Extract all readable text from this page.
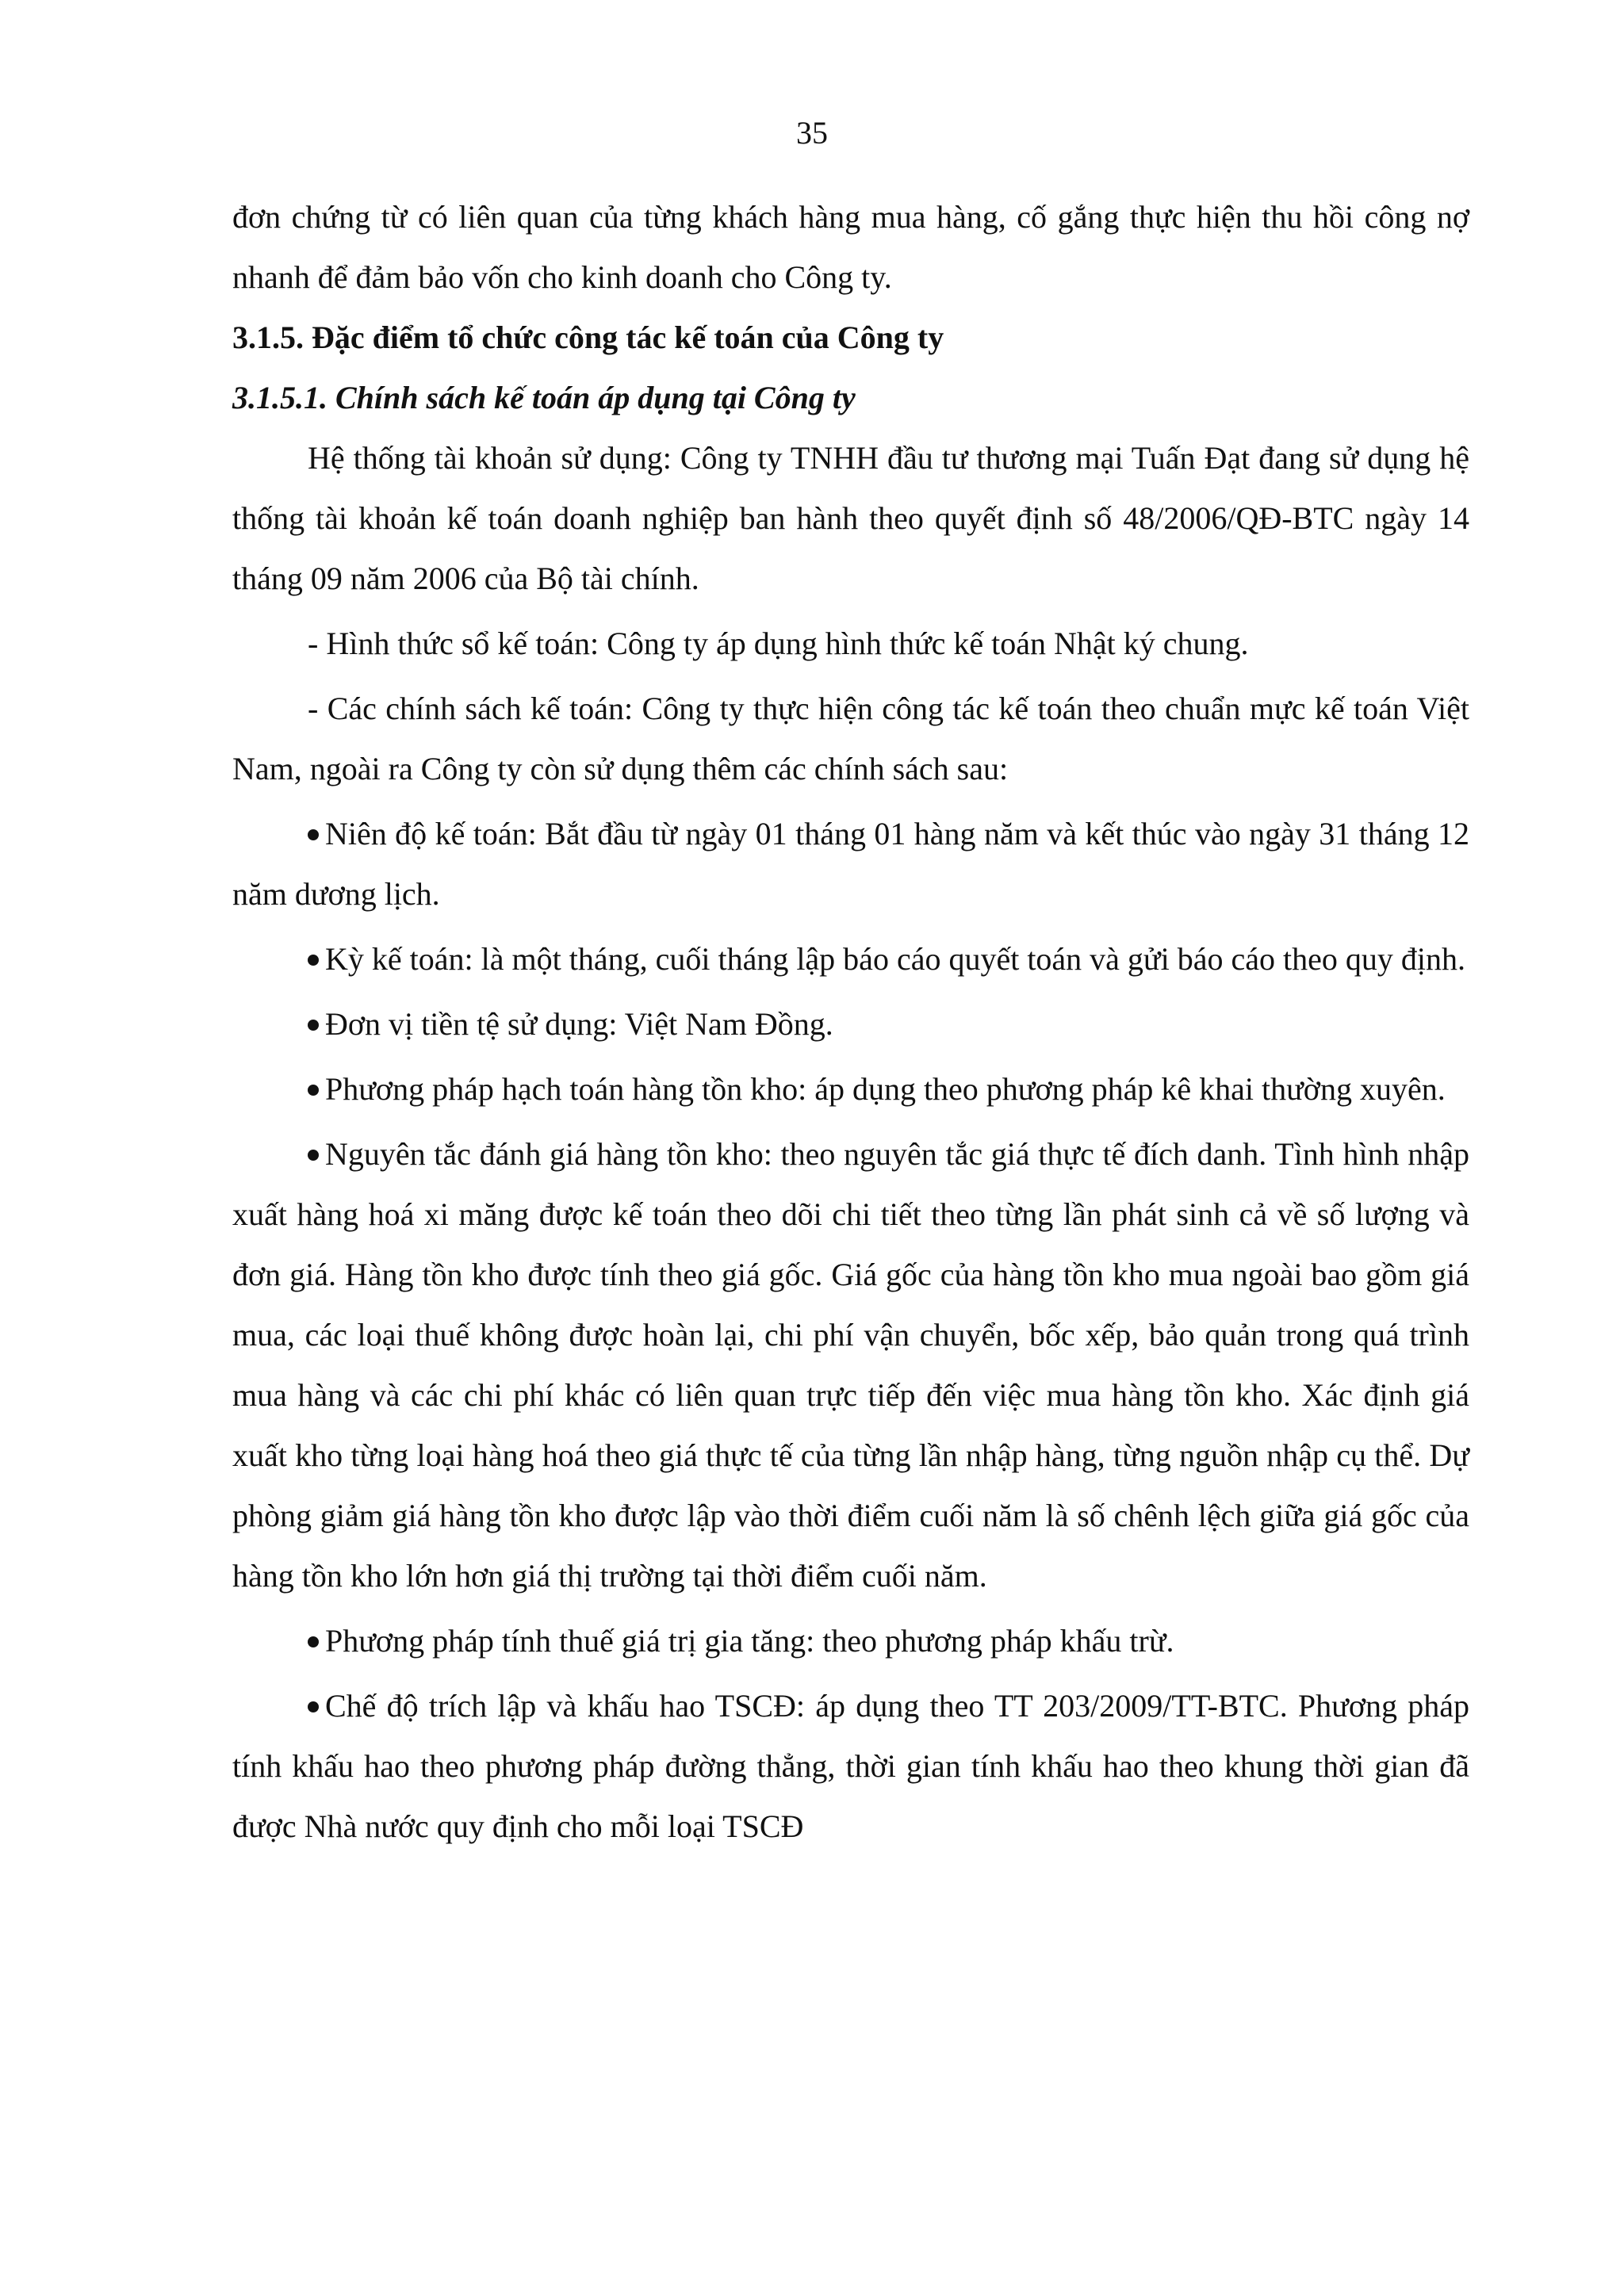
35

đơn chứng từ có liên quan của từng khách hàng mua hàng, cố gắng thực hiện thu hồi công nợ nhanh để đảm bảo vốn cho kinh doanh cho Công ty.

3.1.5. Đặc điểm tổ chức công tác kế toán của Công ty

3.1.5.1. Chính sách kế toán áp dụng tại Công ty

Hệ thống tài khoản sử dụng: Công ty TNHH đầu tư thương mại Tuấn Đạt đang sử dụng hệ thống tài khoản kế toán doanh nghiệp ban hành theo quyết định số 48/2006/QĐ-BTC ngày 14 tháng 09 năm 2006 của Bộ tài chính.

- Hình thức sổ kế toán: Công ty áp dụng hình thức kế toán Nhật ký chung.

- Các chính sách kế toán: Công ty thực hiện công tác kế toán theo chuẩn mực kế toán Việt Nam, ngoài ra Công ty còn sử dụng thêm các chính sách sau:

Niên độ kế toán: Bắt đầu từ ngày 01 tháng 01 hàng năm và kết thúc vào ngày 31 tháng 12 năm dương lịch.

Kỳ kế toán: là một tháng, cuối tháng lập báo cáo quyết toán và gửi báo cáo theo quy định.

Đơn vị tiền tệ sử dụng: Việt Nam Đồng.

Phương pháp hạch toán hàng tồn kho: áp dụng theo phương pháp kê khai thường xuyên.

Nguyên tắc đánh giá hàng tồn kho: theo nguyên tắc giá thực tế đích danh. Tình hình nhập xuất hàng hoá xi măng được kế toán theo dõi chi tiết theo từng lần phát sinh cả về số lượng và đơn giá. Hàng tồn kho được tính theo giá gốc. Giá gốc của hàng tồn kho mua ngoài bao gồm giá mua, các loại thuế không được hoàn lại, chi phí vận chuyển, bốc xếp, bảo quản trong quá trình mua hàng và các chi phí khác có liên quan trực tiếp đến việc mua hàng tồn kho. Xác định giá xuất kho từng loại hàng hoá theo giá thực tế của từng lần nhập hàng, từng nguồn nhập cụ thể. Dự phòng giảm giá hàng tồn kho được lập vào thời điểm cuối năm là số chênh lệch giữa giá gốc của hàng tồn kho lớn hơn giá thị trường tại thời điểm cuối năm.

Phương pháp tính thuế giá trị gia tăng: theo phương pháp khấu trừ.

Chế độ trích lập và khấu hao TSCĐ: áp dụng theo TT 203/2009/TT-BTC. Phương pháp tính khấu hao theo phương pháp đường thẳng, thời gian tính khấu hao theo khung thời gian đã được Nhà nước quy định cho mỗi loại TSCĐ
